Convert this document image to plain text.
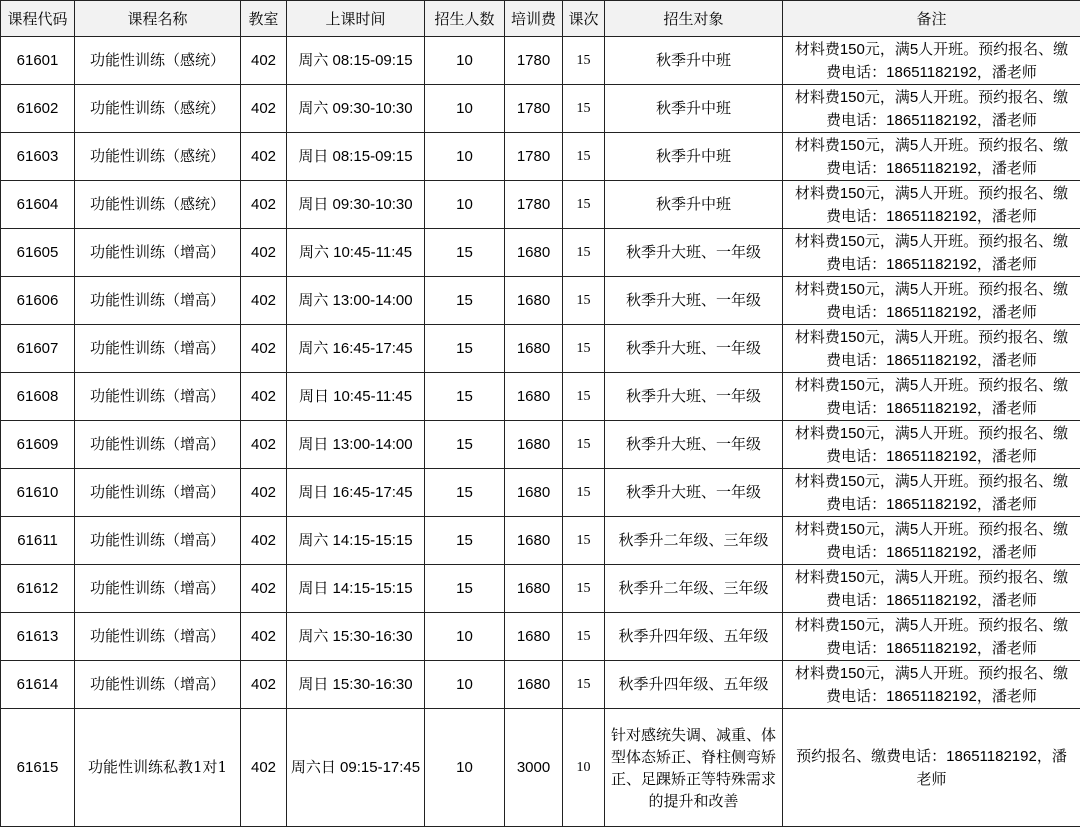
课程代码	课程名称	教室	上课时间	招生人数	培训费	课次	招生对象	备注
61601	功能性训练（感统）	402	周六 08:15-09:15	10	1780	15	秋季升中班	材料费150元，满5人开班。预约报名、缴费电话：18651182192，潘老师
61602	功能性训练（感统）	402	周六 09:30-10:30	10	1780	15	秋季升中班	材料费150元，满5人开班。预约报名、缴费电话：18651182192，潘老师
61603	功能性训练（感统）	402	周日 08:15-09:15	10	1780	15	秋季升中班	材料费150元，满5人开班。预约报名、缴费电话：18651182192，潘老师
61604	功能性训练（感统）	402	周日 09:30-10:30	10	1780	15	秋季升中班	材料费150元，满5人开班。预约报名、缴费电话：18651182192，潘老师
61605	功能性训练（增高）	402	周六 10:45-11:45	15	1680	15	秋季升大班、一年级	材料费150元，满5人开班。预约报名、缴费电话：18651182192，潘老师
61606	功能性训练（增高）	402	周六 13:00-14:00	15	1680	15	秋季升大班、一年级	材料费150元，满5人开班。预约报名、缴费电话：18651182192，潘老师
61607	功能性训练（增高）	402	周六 16:45-17:45	15	1680	15	秋季升大班、一年级	材料费150元，满5人开班。预约报名、缴费电话：18651182192，潘老师
61608	功能性训练（增高）	402	周日 10:45-11:45	15	1680	15	秋季升大班、一年级	材料费150元，满5人开班。预约报名、缴费电话：18651182192，潘老师
61609	功能性训练（增高）	402	周日 13:00-14:00	15	1680	15	秋季升大班、一年级	材料费150元，满5人开班。预约报名、缴费电话：18651182192，潘老师
61610	功能性训练（增高）	402	周日 16:45-17:45	15	1680	15	秋季升大班、一年级	材料费150元，满5人开班。预约报名、缴费电话：18651182192，潘老师
61611	功能性训练（增高）	402	周六 14:15-15:15	15	1680	15	秋季升二年级、三年级	材料费150元，满5人开班。预约报名、缴费电话：18651182192，潘老师
61612	功能性训练（增高）	402	周日 14:15-15:15	15	1680	15	秋季升二年级、三年级	材料费150元，满5人开班。预约报名、缴费电话：18651182192，潘老师
61613	功能性训练（增高）	402	周六 15:30-16:30	10	1680	15	秋季升四年级、五年级	材料费150元，满5人开班。预约报名、缴费电话：18651182192，潘老师
61614	功能性训练（增高）	402	周日 15:30-16:30	10	1680	15	秋季升四年级、五年级	材料费150元，满5人开班。预约报名、缴费电话：18651182192，潘老师
61615	功能性训练私教1对1	402	周六日 09:15-17:45	10	3000	10	针对感统失调、减重、体型体态矫正、脊柱侧弯矫正、足踝矫正等特殊需求的提升和改善	预约报名、缴费电话：18651182192，潘老师
